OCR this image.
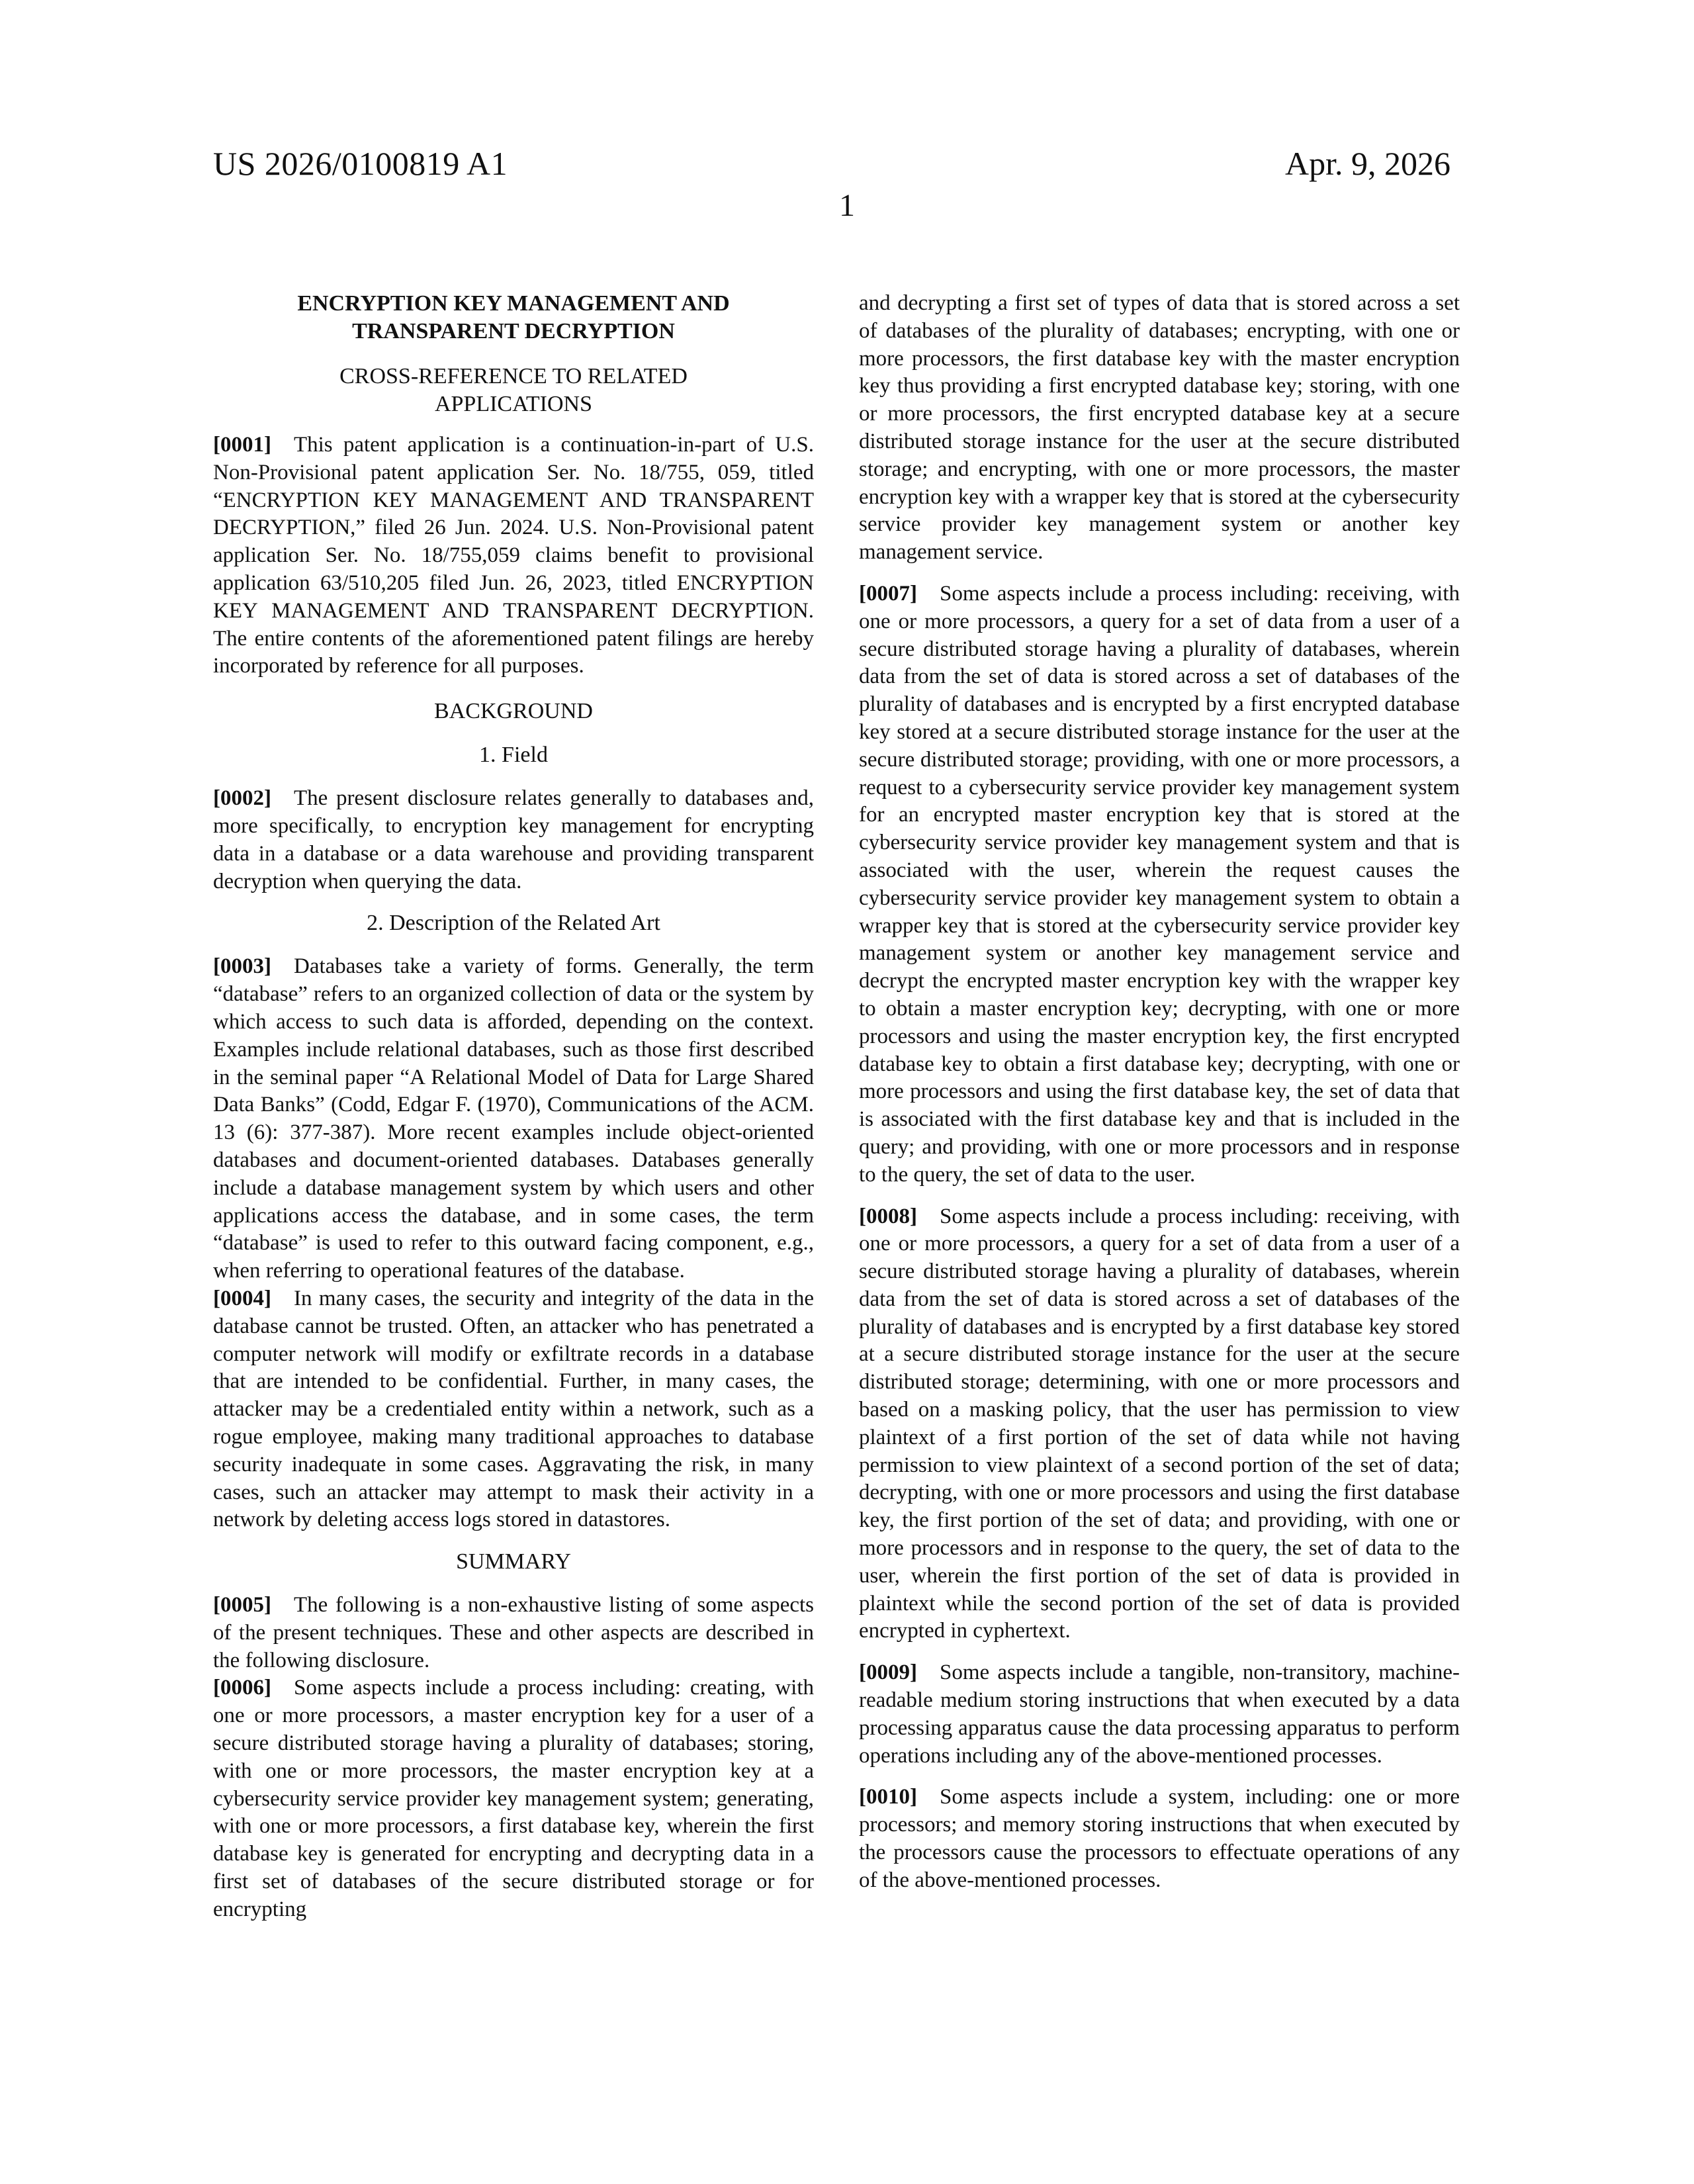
US 2026/0100819 A1	Apr. 9, 2026
1
ENCRYPTION KEY MANAGEMENT AND
TRANSPARENT DECRYPTION
CROSS-REFERENCE TO RELATED
APPLICATIONS

[0001] This patent application is a continuation-in-part of U.S. Non-Provisional patent application Ser. No. 18/755, 059, titled “ENCRYPTION KEY MANAGEMENT AND TRANSPARENT DECRYPTION,” filed 26 Jun. 2024. U.S. Non-Provisional patent application Ser. No. 18/755,059 claims benefit to provisional application 63/510,205 filed Jun. 26, 2023, titled ENCRYPTION KEY MANAGEMENT AND TRANSPARENT DECRYPTION. The entire contents of the aforementioned patent filings are hereby incorporated by reference for all purposes.

BACKGROUND
1. Field

[0002] The present disclosure relates generally to databases and, more specifically, to encryption key management for encrypting data in a database or a data warehouse and providing transparent decryption when querying the data.

2. Description of the Related Art

[0003] Databases take a variety of forms. Generally, the term “database” refers to an organized collection of data or the system by which access to such data is afforded, depending on the context. Examples include relational databases, such as those first described in the seminal paper “A Relational Model of Data for Large Shared Data Banks” (Codd, Edgar F. (1970), Communications of the ACM. 13 (6): 377-387). More recent examples include object-oriented databases and document-oriented databases. Databases generally include a database management system by which users and other applications access the database, and in some cases, the term “database” is used to refer to this outward facing component, e.g., when referring to operational features of the database.

[0004] In many cases, the security and integrity of the data in the database cannot be trusted. Often, an attacker who has penetrated a computer network will modify or exfiltrate records in a database that are intended to be confidential. Further, in many cases, the attacker may be a credentialed entity within a network, such as a rogue employee, making many traditional approaches to database security inadequate in some cases. Aggravating the risk, in many cases, such an attacker may attempt to mask their activity in a network by deleting access logs stored in datastores.

SUMMARY

[0005] The following is a non-exhaustive listing of some aspects of the present techniques. These and other aspects are described in the following disclosure.

[0006] Some aspects include a process including: creating, with one or more processors, a master encryption key for a user of a secure distributed storage having a plurality of databases; storing, with one or more processors, the master encryption key at a cybersecurity service provider key management system; generating, with one or more processors, a first database key, wherein the first database key is generated for encrypting and decrypting data in a first set of databases of the secure distributed storage or for encrypting

and decrypting a first set of types of data that is stored across a set of databases of the plurality of databases; encrypting, with one or more processors, the first database key with the master encryption key thus providing a first encrypted database key; storing, with one or more processors, the first encrypted database key at a secure distributed storage instance for the user at the secure distributed storage; and encrypting, with one or more processors, the master encryption key with a wrapper key that is stored at the cybersecurity service provider key management system or another key management service.

[0007] Some aspects include a process including: receiving, with one or more processors, a query for a set of data from a user of a secure distributed storage having a plurality of databases, wherein data from the set of data is stored across a set of databases of the plurality of databases and is encrypted by a first encrypted database key stored at a secure distributed storage instance for the user at the secure distributed storage; providing, with one or more processors, a request to a cybersecurity service provider key management system for an encrypted master encryption key that is stored at the cybersecurity service provider key management system and that is associated with the user, wherein the request causes the cybersecurity service provider key management system to obtain a wrapper key that is stored at the cybersecurity service provider key management system or another key management service and decrypt the encrypted master encryption key with the wrapper key to obtain a master encryption key; decrypting, with one or more processors and using the master encryption key, the first encrypted database key to obtain a first database key; decrypting, with one or more processors and using the first database key, the set of data that is associated with the first database key and that is included in the query; and providing, with one or more processors and in response to the query, the set of data to the user.

[0008] Some aspects include a process including: receiving, with one or more processors, a query for a set of data from a user of a secure distributed storage having a plurality of databases, wherein data from the set of data is stored across a set of databases of the plurality of databases and is encrypted by a first database key stored at a secure distributed storage instance for the user at the secure distributed storage; determining, with one or more processors and based on a masking policy, that the user has permission to view plaintext of a first portion of the set of data while not having permission to view plaintext of a second portion of the set of data; decrypting, with one or more processors and using the first database key, the first portion of the set of data; and providing, with one or more processors and in response to the query, the set of data to the user, wherein the first portion of the set of data is provided in plaintext while the second portion of the set of data is provided encrypted in cyphertext.

[0009] Some aspects include a tangible, non-transitory, machine-readable medium storing instructions that when executed by a data processing apparatus cause the data processing apparatus to perform operations including any of the above-mentioned processes.

[0010] Some aspects include a system, including: one or more processors; and memory storing instructions that when executed by the processors cause the processors to effectuate operations of any of the above-mentioned processes.
